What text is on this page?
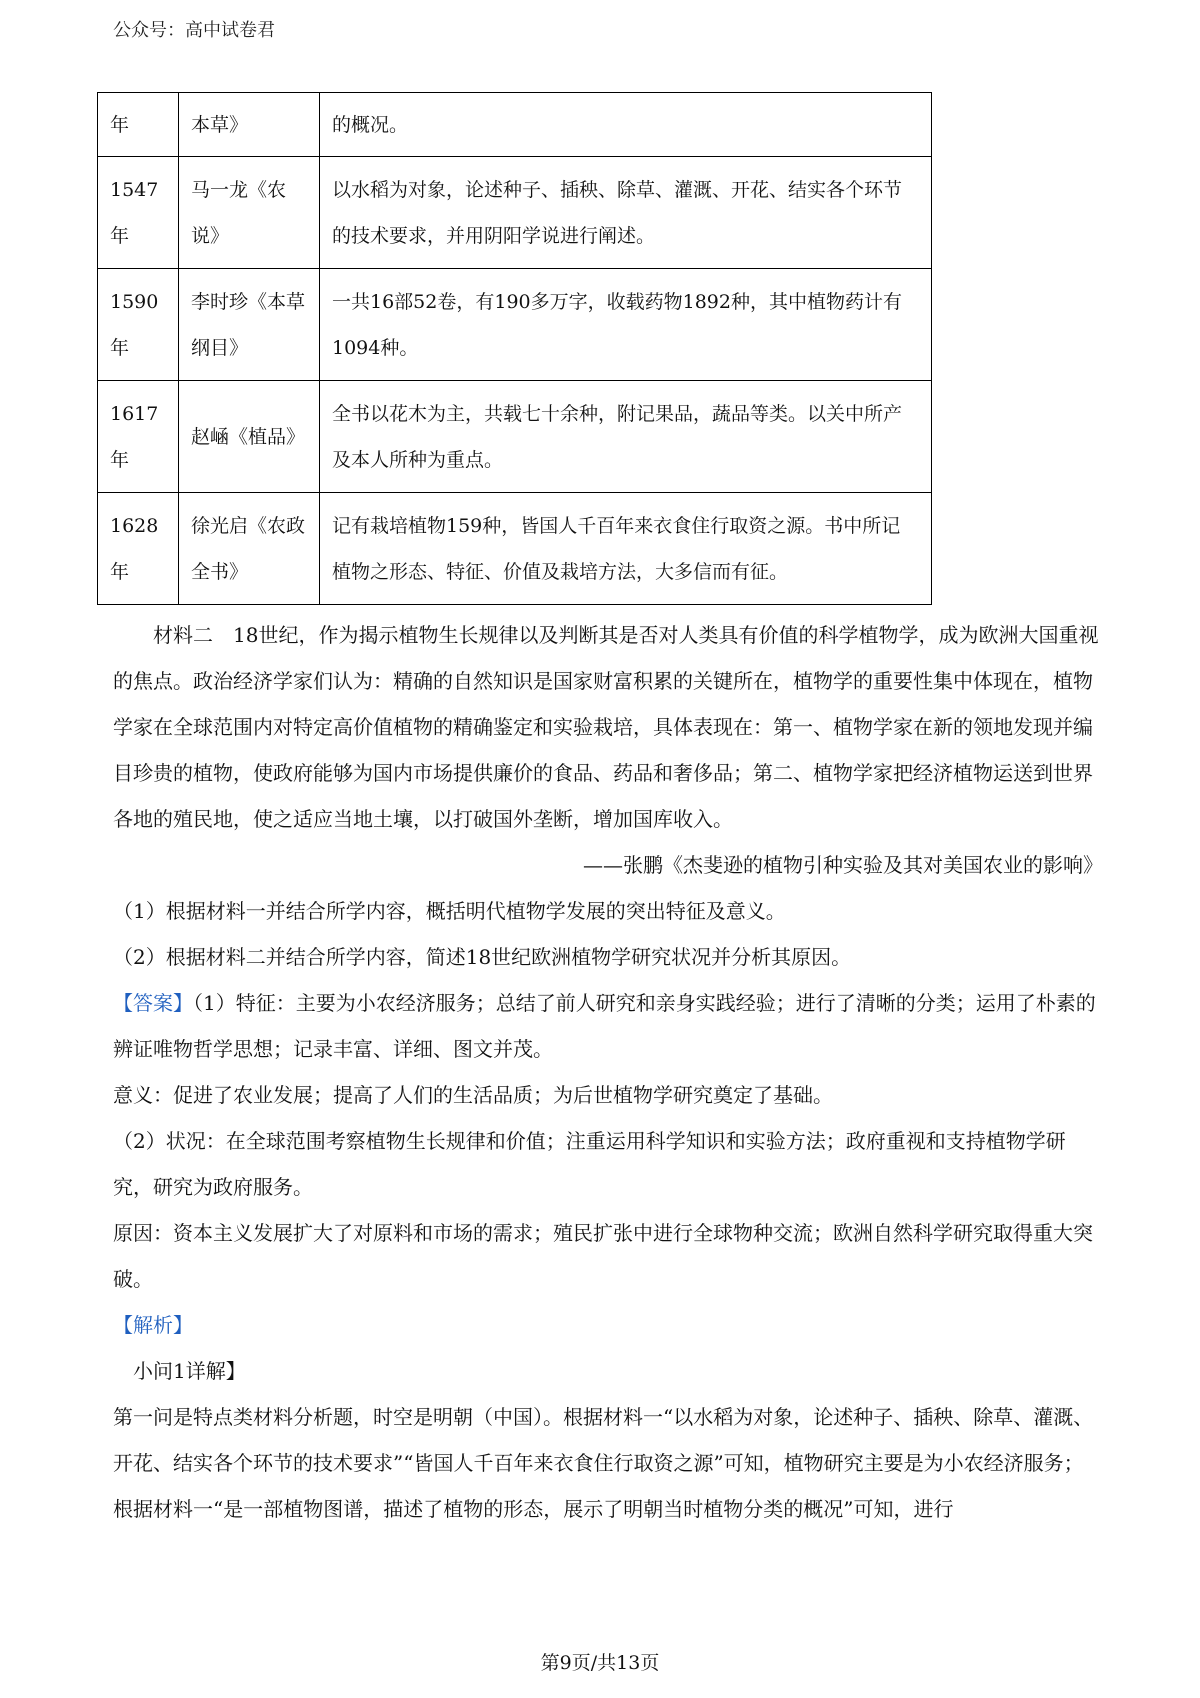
公众号：高中试卷君
年	本草》	的概况。
1547年	马一龙《农说》	以水稻为对象，论述种子、插秧、除草、灌溉、开花、结实各个环节的技术要求，并用阴阳学说进行阐述。
1590年	李时珍《本草纲目》	一共16部52卷，有190多万字，收载药物1892种，其中植物药计有1094种。
1617年	赵崡《植品》	全书以花木为主，共载七十余种，附记果品，蔬品等类。以关中所产及本人所种为重点。
1628年	徐光启《农政全书》	记有栽培植物159种，皆国人千百年来衣食住行取资之源。书中所记植物之形态、特征、价值及栽培方法，大多信而有征。

材料二　18世纪，作为揭示植物生长规律以及判断其是否对人类具有价值的科学植物学，成为欧洲大国重视的焦点。政治经济学家们认为：精确的自然知识是国家财富积累的关键所在，植物学的重要性集中体现在，植物学家在全球范围内对特定高价值植物的精确鉴定和实验栽培，具体表现在：第一、植物学家在新的领地发现并编目珍贵的植物，使政府能够为国内市场提供廉价的食品、药品和奢侈品；第二、植物学家把经济植物运送到世界各地的殖民地，使之适应当地土壤，以打破国外垄断，增加国库收入。

——张鹏《杰斐逊的植物引种实验及其对美国农业的影响》

（1）根据材料一并结合所学内容，概括明代植物学发展的突出特征及意义。

（2）根据材料二并结合所学内容，简述18世纪欧洲植物学研究状况并分析其原因。

【答案】（1）特征：主要为小农经济服务；总结了前人研究和亲身实践经验；进行了清晰的分类；运用了朴素的辨证唯物哲学思想；记录丰富、详细、图文并茂。

意义：促进了农业发展；提高了人们的生活品质；为后世植物学研究奠定了基础。

（2）状况：在全球范围考察植物生长规律和价值；注重运用科学知识和实验方法；政府重视和支持植物学研究，研究为政府服务。

原因：资本主义发展扩大了对原料和市场的需求；殖民扩张中进行全球物种交流；欧洲自然科学研究取得重大突破。

【解析】

小问1详解】

第一问是特点类材料分析题，时空是明朝（中国）。根据材料一“以水稻为对象，论述种子、插秧、除草、灌溉、开花、结实各个环节的技术要求”“皆国人千百年来衣食住行取资之源”可知，植物研究主要是为小农经济服务；根据材料一“是一部植物图谱，描述了植物的形态，展示了明朝当时植物分类的概况”可知，进行

第9页/共13页
